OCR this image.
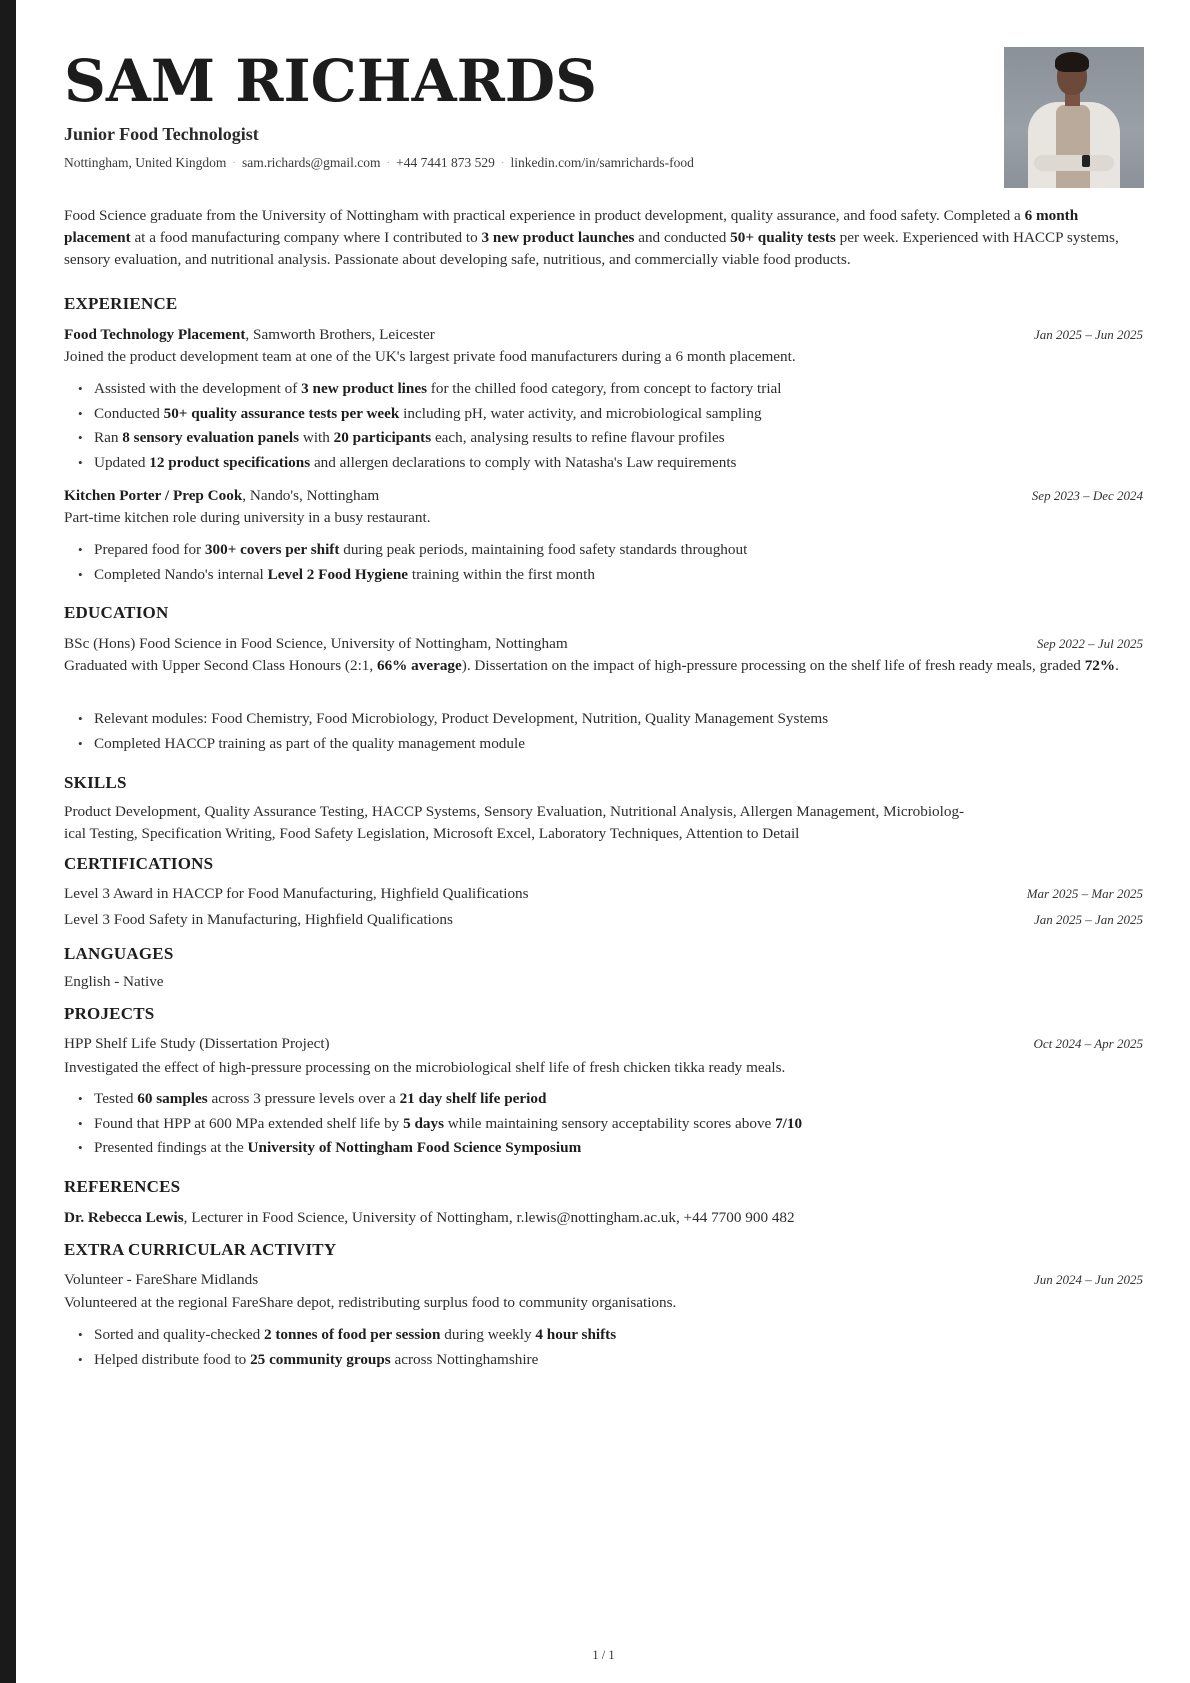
SAM RICHARDS
Junior Food Technologist
Nottingham, United Kingdom · sam.richards@gmail.com · +44 7441 873 529 · linkedin.com/in/samrichards-food
Food Science graduate from the University of Nottingham with practical experience in product development, quality assurance, and food safety. Completed a 6 month placement at a food manufacturing company where I contributed to 3 new product launches and conducted 50+ quality tests per week. Experienced with HACCP systems, sensory evaluation, and nutritional analysis. Passionate about developing safe, nutritious, and commercially viable food products.
EXPERIENCE
Food Technology Placement, Samworth Brothers, Leicester	Jan 2025 – Jun 2025
Joined the product development team at one of the UK's largest private food manufacturers during a 6 month placement.
• Assisted with the development of 3 new product lines for the chilled food category, from concept to factory trial
• Conducted 50+ quality assurance tests per week including pH, water activity, and microbiological sampling
• Ran 8 sensory evaluation panels with 20 participants each, analysing results to refine flavour profiles
• Updated 12 product specifications and allergen declarations to comply with Natasha's Law requirements
Kitchen Porter / Prep Cook, Nando's, Nottingham	Sep 2023 – Dec 2024
Part-time kitchen role during university in a busy restaurant.
• Prepared food for 300+ covers per shift during peak periods, maintaining food safety standards throughout
• Completed Nando's internal Level 2 Food Hygiene training within the first month
EDUCATION
BSc (Hons) Food Science in Food Science, University of Nottingham, Nottingham	Sep 2022 – Jul 2025
Graduated with Upper Second Class Honours (2:1, 66% average). Dissertation on the impact of high-pressure processing on the shelf life of fresh ready meals, graded 72%.
• Relevant modules: Food Chemistry, Food Microbiology, Product Development, Nutrition, Quality Management Systems
• Completed HACCP training as part of the quality management module
SKILLS
Product Development, Quality Assurance Testing, HACCP Systems, Sensory Evaluation, Nutritional Analysis, Allergen Management, Microbiolog-
ical Testing, Specification Writing, Food Safety Legislation, Microsoft Excel, Laboratory Techniques, Attention to Detail
CERTIFICATIONS
Level 3 Award in HACCP for Food Manufacturing, Highfield Qualifications	Mar 2025 – Mar 2025
Level 3 Food Safety in Manufacturing, Highfield Qualifications	Jan 2025 – Jan 2025
LANGUAGES
English - Native
PROJECTS
HPP Shelf Life Study (Dissertation Project)	Oct 2024 – Apr 2025
Investigated the effect of high-pressure processing on the microbiological shelf life of fresh chicken tikka ready meals.
• Tested 60 samples across 3 pressure levels over a 21 day shelf life period
• Found that HPP at 600 MPa extended shelf life by 5 days while maintaining sensory acceptability scores above 7/10
• Presented findings at the University of Nottingham Food Science Symposium
REFERENCES
Dr. Rebecca Lewis, Lecturer in Food Science, University of Nottingham, r.lewis@nottingham.ac.uk, +44 7700 900 482
EXTRA CURRICULAR ACTIVITY
Volunteer - FareShare Midlands	Jun 2024 – Jun 2025
Volunteered at the regional FareShare depot, redistributing surplus food to community organisations.
• Sorted and quality-checked 2 tonnes of food per session during weekly 4 hour shifts
• Helped distribute food to 25 community groups across Nottinghamshire
1 / 1
